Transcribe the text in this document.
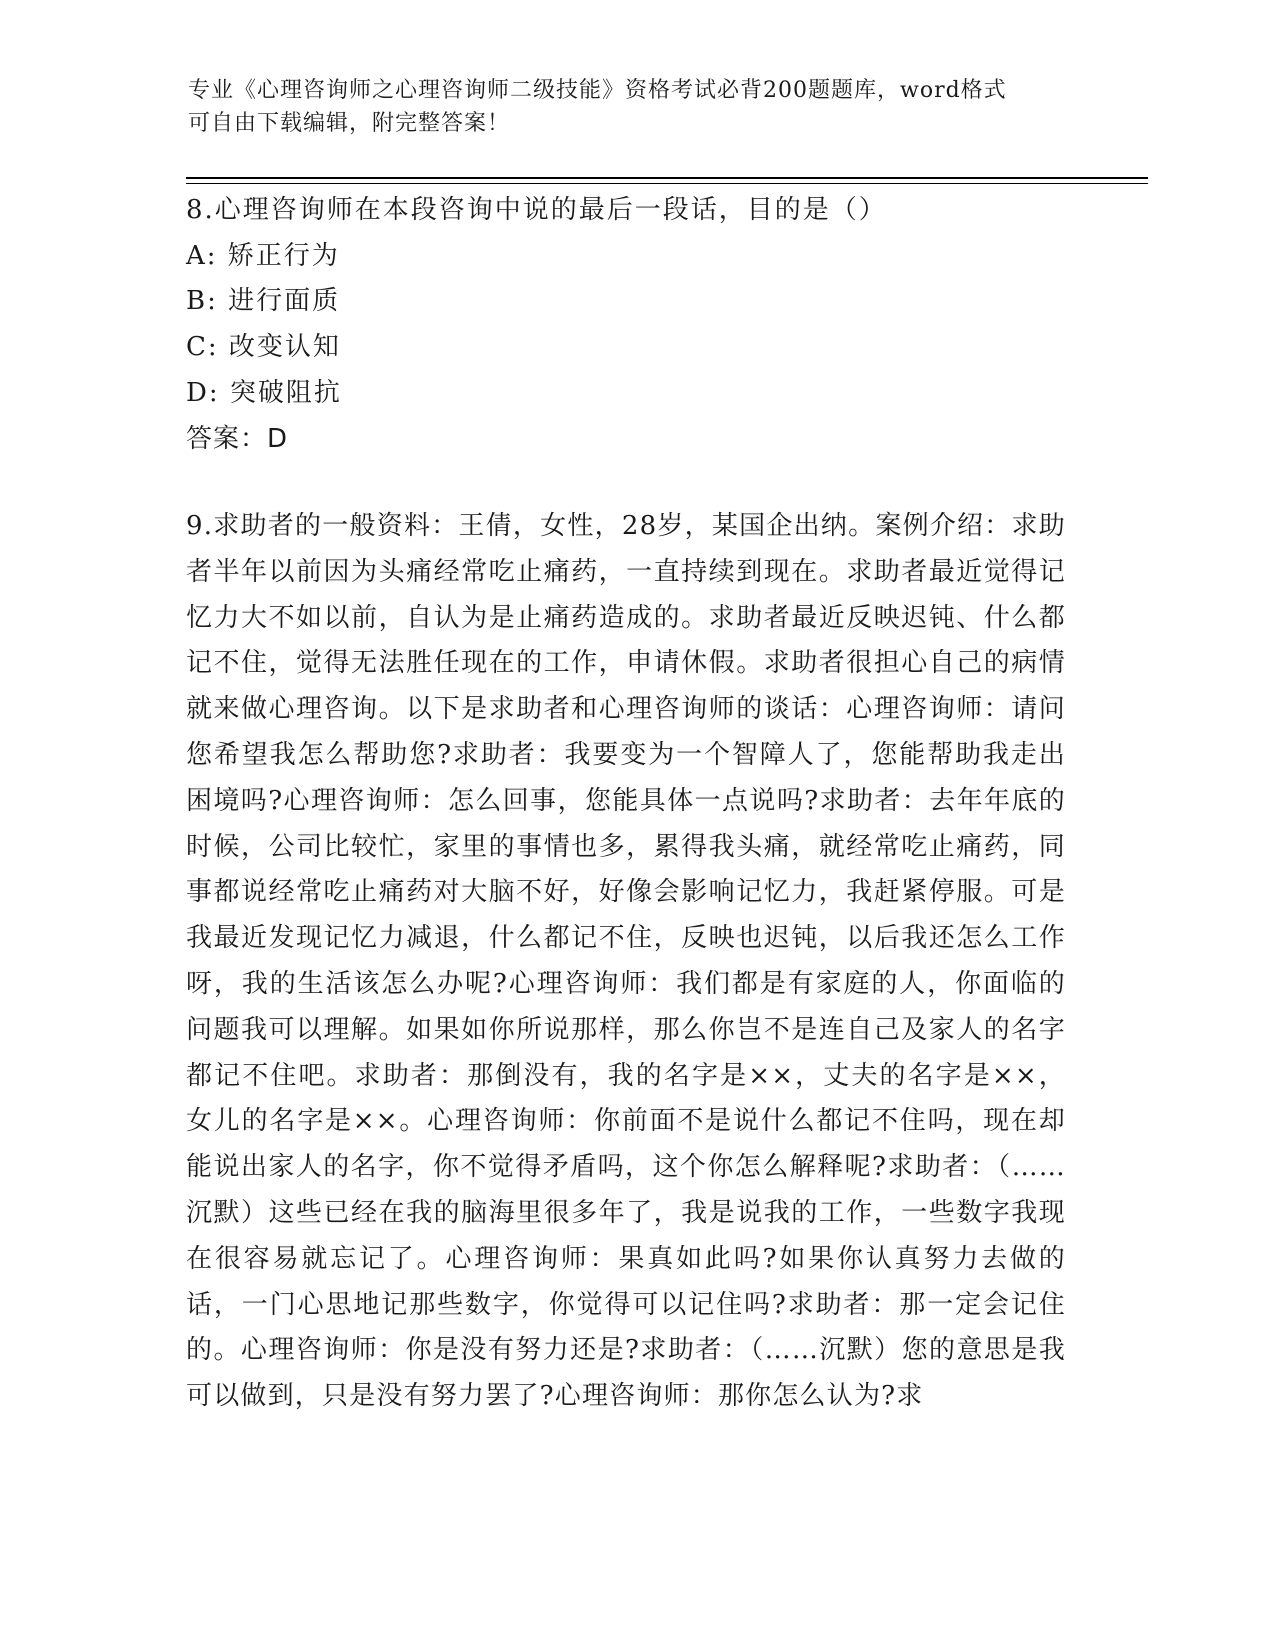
专业《心理咨询师之心理咨询师二级技能》资格考试必背200题题库，word格式
可自由下载编辑，附完整答案！
8.心理咨询师在本段咨询中说的最后一段话，目的是（）
A: 矫正行为
B: 进行面质
C: 改变认知
D: 突破阻抗
答案：D
9.求助者的一般资料：王倩，女性，28岁，某国企出纳。案例介绍：求助者半年以前因为头痛经常吃止痛药，一直持续到现在。求助者最近觉得记忆力大不如以前，自认为是止痛药造成的。求助者最近反映迟钝、什么都记不住，觉得无法胜任现在的工作，申请休假。求助者很担心自己的病情就来做心理咨询。以下是求助者和心理咨询师的谈话：心理咨询师：请问您希望我怎么帮助您?求助者：我要变为一个智障人了，您能帮助我走出困境吗?心理咨询师：怎么回事，您能具体一点说吗?求助者：去年年底的时候，公司比较忙，家里的事情也多，累得我头痛，就经常吃止痛药，同事都说经常吃止痛药对大脑不好，好像会影响记忆力，我赶紧停服。可是我最近发现记忆力减退，什么都记不住，反映也迟钝，以后我还怎么工作呀，我的生活该怎么办呢?心理咨询师：我们都是有家庭的人，你面临的问题我可以理解。如果如你所说那样，那么你岂不是连自己及家人的名字都记不住吧。求助者：那倒没有，我的名字是××，丈夫的名字是××，女儿的名字是××。心理咨询师：你前面不是说什么都记不住吗，现在却能说出家人的名字，你不觉得矛盾吗，这个你怎么解释呢?求助者：（……沉默）这些已经在我的脑海里很多年了，我是说我的工作，一些数字我现在很容易就忘记了。心理咨询师：果真如此吗?如果你认真努力去做的话，一门心思地记那些数字，你觉得可以记住吗?求助者：那一定会记住的。心理咨询师：你是没有努力还是?求助者：（……沉默）您的意思是我可以做到，只是没有努力罢了?心理咨询师：那你怎么认为?求
